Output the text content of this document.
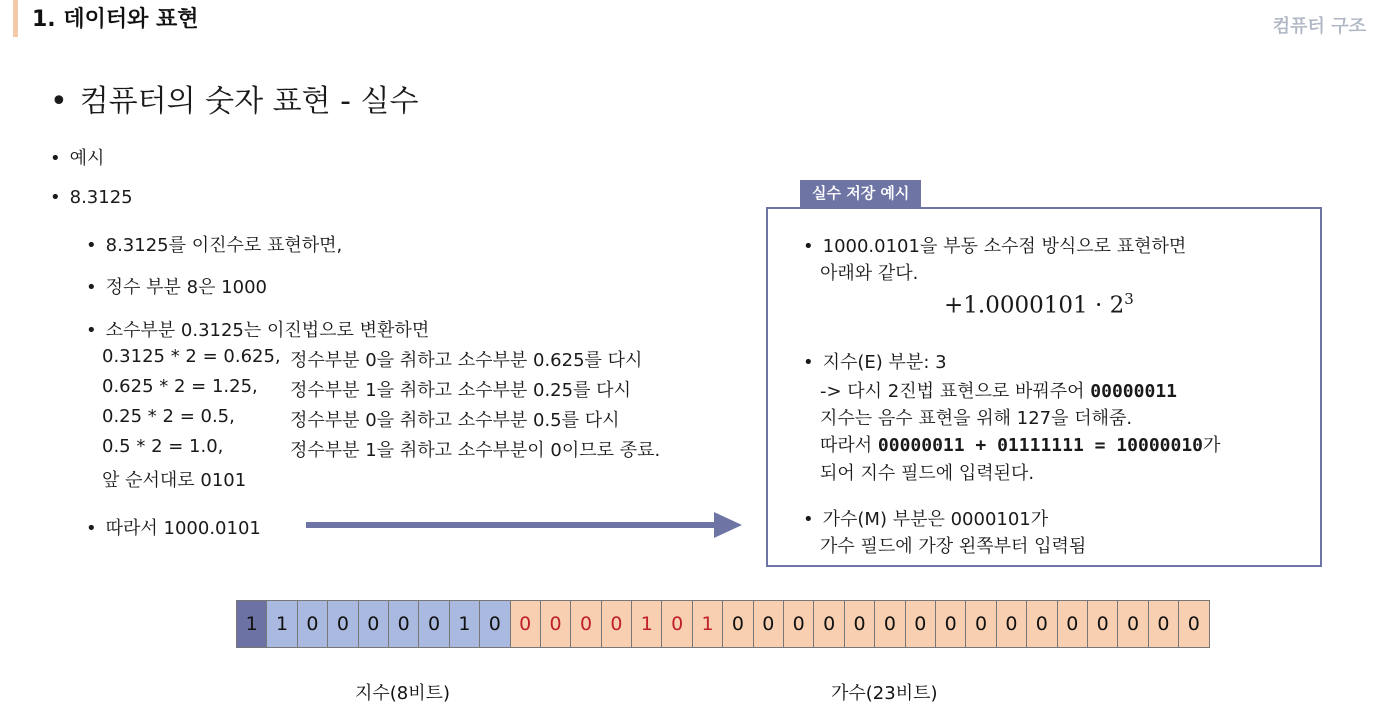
1. 데이터와 표현	컴퓨터 구조
• 컴퓨터의 숫자 표현 - 실수
• 예시
• 8.3125
• 8.3125를 이진수로 표현하면,
• 정수 부분 8은 1000
• 소수부분 0.3125는 이진법으로 변환하면
0.3125 * 2 = 0.625, 정수부분 0을 취하고 소수부분 0.625를 다시
0.625 * 2 = 1.25, 정수부분 1을 취하고 소수부분 0.25를 다시
0.25 * 2 = 0.5,	정수부분 0을 취하고 소수부분 0.5를 다시
0.5 * 2 = 1.0,	정수부분 1을 취하고 소수부분이 0이므로 종료.
앞 순서대로 0101
• 따라서 1000.0101
실수 저장 예시
• 1000.0101을 부동 소수점 방식으로 표현하면
아래와 같다.
$+1.0000101 \cdot 2^3$
• 지수(E) 부분: 3
-> 다시 2진법 표현으로 바꿔주어 00000011
지수는 음수 표현을 위해 127을 더해줌.
따라서 00000011 + 01111111 = 10000010가
되어 지수 필드에 입력된다.
• 가수(M) 부분은 0000101가
가수 필드에 가장 왼쪽부터 입력됨
1 1 0 0 0 0 0 1 0 0 0 0 0 1 0 1 0 0 0 0 0 0 0 0 0 0 0 0 0 0 0 0
지수(8비트)	가수(23비트)
